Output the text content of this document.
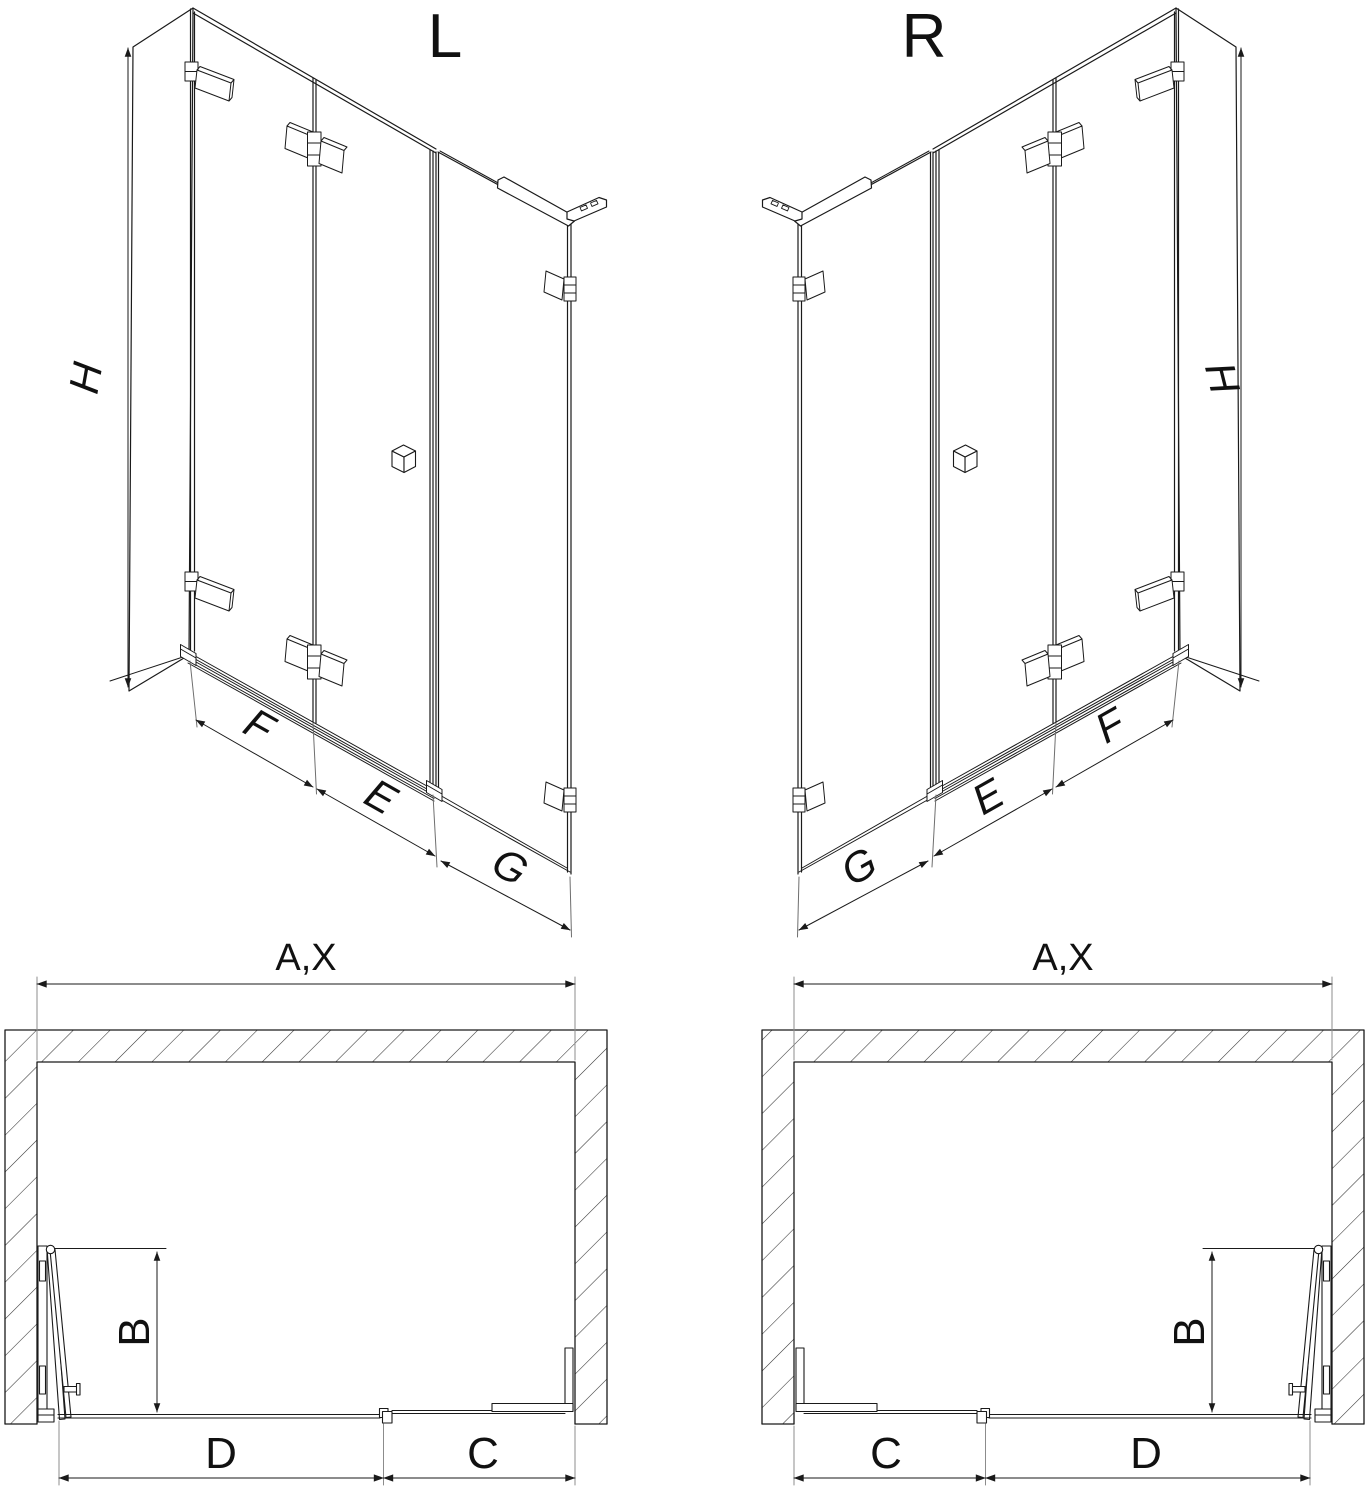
L
H
F
E
G
R
H
F
E
G
A,X
B
D	C
A,X
B
C	D
